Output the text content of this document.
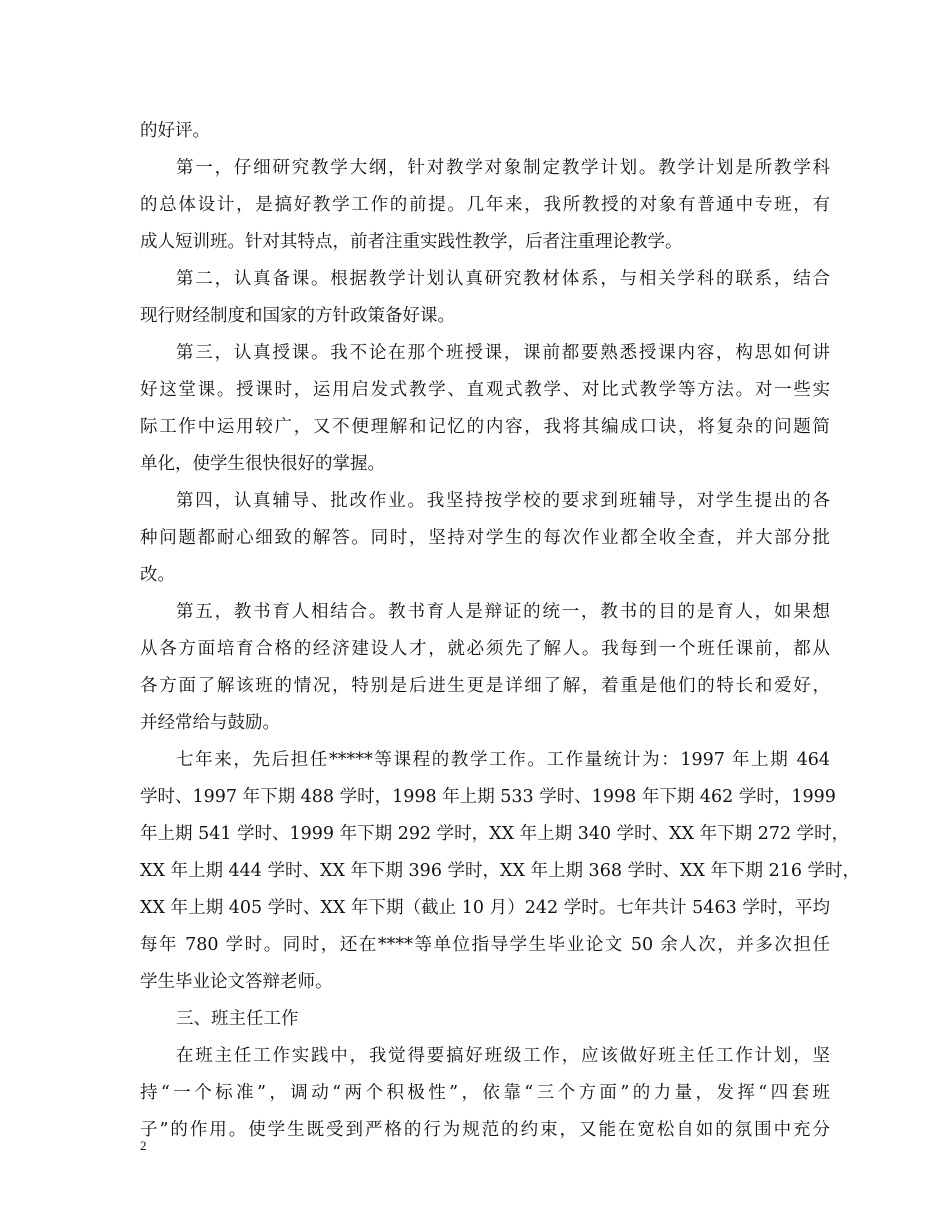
的好评。
第一，仔细研究教学大纲，针对教学对象制定教学计划。教学计划是所教学科
的总体设计，是搞好教学工作的前提。几年来，我所教授的对象有普通中专班，有
成人短训班。针对其特点，前者注重实践性教学，后者注重理论教学。
第二，认真备课。根据教学计划认真研究教材体系，与相关学科的联系，结合
现行财经制度和国家的方针政策备好课。
第三，认真授课。我不论在那个班授课，课前都要熟悉授课内容，构思如何讲
好这堂课。授课时，运用启发式教学、直观式教学、对比式教学等方法。对一些实
际工作中运用较广，又不便理解和记忆的内容，我将其编成口诀，将复杂的问题简
单化，使学生很快很好的掌握。
第四，认真辅导、批改作业。我坚持按学校的要求到班辅导，对学生提出的各
种问题都耐心细致的解答。同时，坚持对学生的每次作业都全收全查，并大部分批
改。
第五，教书育人相结合。教书育人是辩证的统一，教书的目的是育人，如果想
从各方面培育合格的经济建设人才，就必须先了解人。我每到一个班任课前，都从
各方面了解该班的情况，特别是后进生更是详细了解，着重是他们的特长和爱好，
并经常给与鼓励。
七年来，先后担任*****等课程的教学工作。工作量统计为：1997 年上期 464
学时、1997 年下期 488 学时，1998 年上期 533 学时、1998 年下期 462 学时，1999
年上期 541 学时、1999 年下期 292 学时，XX 年上期 340 学时、XX 年下期 272 学时，
XX 年上期 444 学时、XX 年下期 396 学时，XX 年上期 368 学时、XX 年下期 216 学时，
XX 年上期 405 学时、XX 年下期（截止 10 月）242 学时。七年共计 5463 学时，平均
每年 780 学时。同时，还在****等单位指导学生毕业论文 50 余人次，并多次担任
学生毕业论文答辩老师。
三、班主任工作
在班主任工作实践中，我觉得要搞好班级工作，应该做好班主任工作计划，坚
持“一个标准”，调动“两个积极性”，依靠“三个方面”的力量，发挥“四套班
子”的作用。使学生既受到严格的行为规范的约束，又能在宽松自如的氛围中充分
2
